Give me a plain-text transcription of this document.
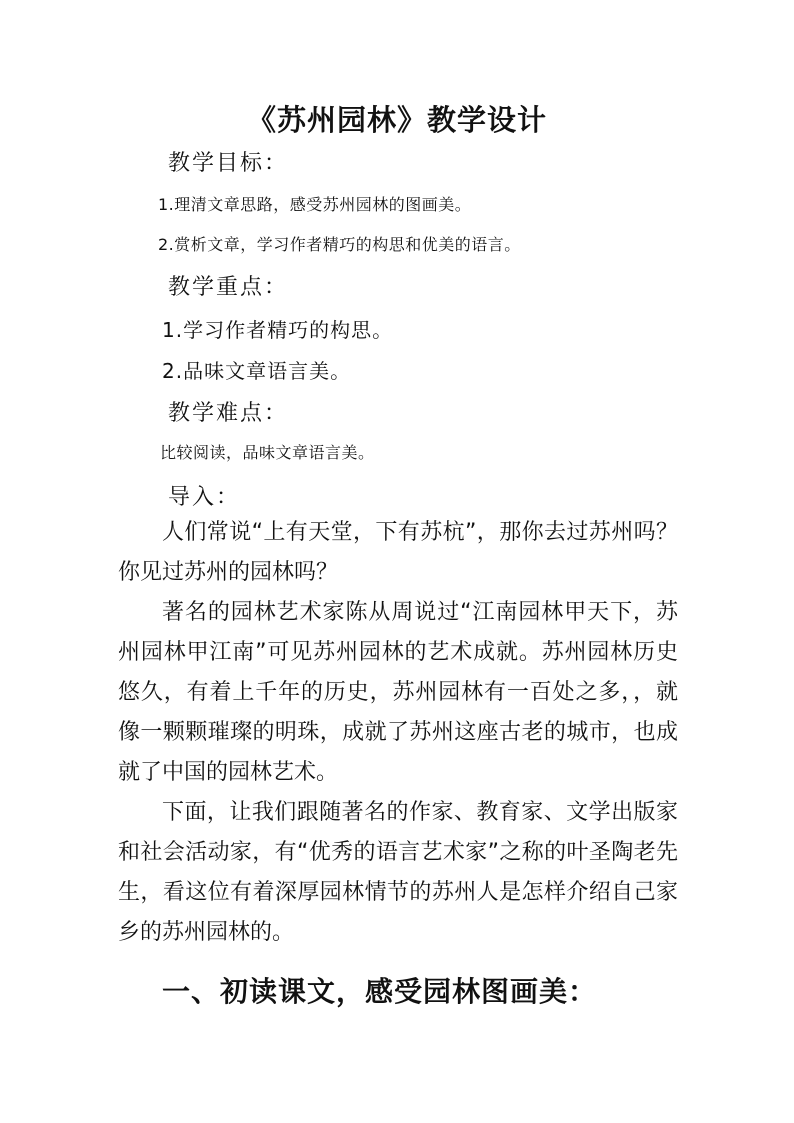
《苏州园林》教学设计
教学目标：
1.理清文章思路，感受苏州园林的图画美。
2.赏析文章，学习作者精巧的构思和优美的语言。
教学重点：
1.学习作者精巧的构思。
2.品味文章语言美。
教学难点：
比较阅读，品味文章语言美。
导入：
人们常说“上有天堂，下有苏杭”，那你去过苏州吗？你见过苏州的园林吗？
著名的园林艺术家陈从周说过“江南园林甲天下，苏州园林甲江南”可见苏州园林的艺术成就。苏州园林历史悠久，有着上千年的历史，苏州园林有一百处之多，，就像一颗颗璀璨的明珠，成就了苏州这座古老的城市，也成就了中国的园林艺术。
下面，让我们跟随著名的作家、教育家、文学出版家和社会活动家，有“优秀的语言艺术家”之称的叶圣陶老先生，看这位有着深厚园林情节的苏州人是怎样介绍自己家乡的苏州园林的。
一、初读课文，感受园林图画美：
